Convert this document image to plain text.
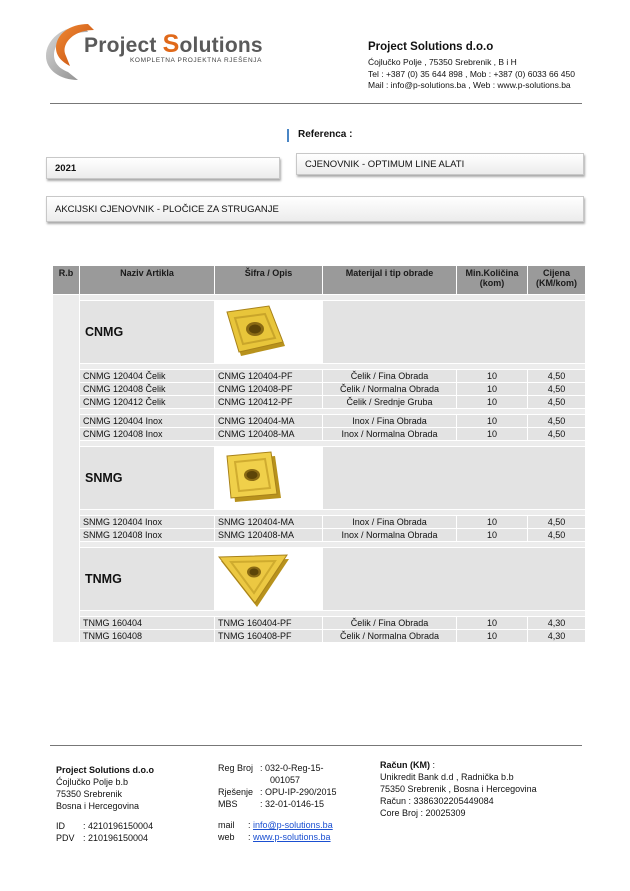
Project Solutions
KOMPLETNA PROJEKTNA RJEŠENJA
Project Solutions d.o.o
Ćojlučko Polje , 75350 Srebrenik , B i H
Tel : +387 (0) 35 644 898 , Mob : +387 (0) 6033 66 450
Mail : info@p-solutions.ba , Web : www.p-solutions.ba
Referenca :
2021	CJENOVNIK - OPTIMUM LINE ALATI
AKCIJSKI CJENOVNIK - PLOČICE ZA STRUGANJE
R.b	Naziv Artikla	Šifra / Opis	Materijal i tip obrade	Min.Količina (kom)	Cijena (KM/kom)

	CNMG	

	CNMG 120404 Čelik	CNMG 120404-PF	Čelik / Fina Obrada	10	4,50
	CNMG 120408 Čelik	CNMG 120408-PF	Čelik / Normalna Obrada	10	4,50
	CNMG 120412 Čelik	CNMG 120412-PF	Čelik / Srednje Gruba	10	4,50

	CNMG 120404 Inox	CNMG 120404-MA	Inox / Fina Obrada	10	4,50
	CNMG 120408 Inox	CNMG 120408-MA	Inox / Normalna Obrada	10	4,50

	SNMG	

	SNMG 120404 Inox	SNMG 120404-MA	Inox / Fina Obrada	10	4,50
	SNMG 120408 Inox	SNMG 120408-MA	Inox / Normalna Obrada	10	4,50

	TNMG	

	TNMG 160404	TNMG 160404-PF	Čelik / Fina Obrada	10	4,30
	TNMG 160408	TNMG 160408-PF	Čelik / Normalna Obrada	10	4,30
Project Solutions d.o.o
Ćojlučko Polje b.b
75350 Srebrenik
Bosna i Hercegovina
ID	: 4210196150004
PDV : 210196150004
Reg Broj : 032-0-Reg-15-
001057
Rješenje : OPU-IP-290/2015
MBS	: 32-01-0146-15
mail	: info@p-solutions.ba
web	: www.p-solutions.ba
Račun (KM) :
Unikredit Bank d.d , Radnička b.b
75350 Srebrenik , Bosna i Hercegovina
Račun : 3386302205449084
Core Broj : 20025309
